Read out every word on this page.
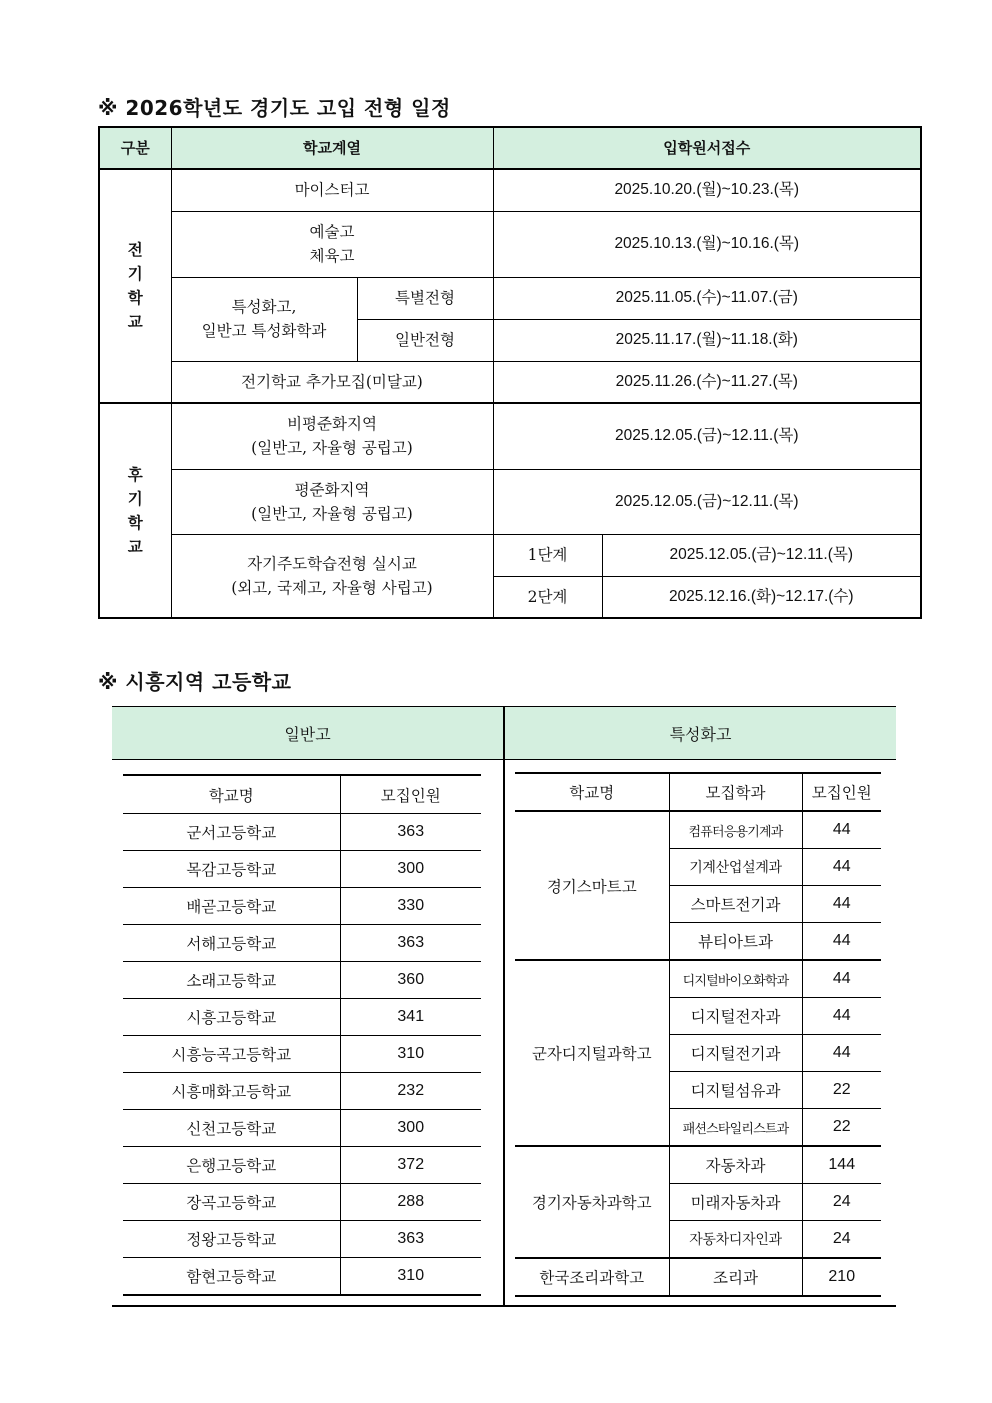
※ 2026학년도 경기도 고입 전형 일정
구분	학교계열		입학원서접수	

전기학교	마이스터고		2025.10.20.(월)~10.23.(목)	
	예술고
체육고		2025.10.13.(월)~10.16.(목)	
	특성화고,
일반고 특성화학과	특별전형	2025.11.05.(수)~11.07.(금)	
		일반전형	2025.11.17.(월)~11.18.(화)	
	전기학교 추가모집(미달교)		2025.11.26.(수)~11.27.(목)	

후기학교	비평준화지역
(일반고, 자율형 공립고)		2025.12.05.(금)~12.11.(목)	
	평준화지역
(일반고, 자율형 공립고)		2025.12.05.(금)~12.11.(목)	
	자기주도학습전형 실시교
(외고, 국제고, 자율형 사립고)		1단계	2025.12.05.(금)~12.11.(목)
			2단계	2025.12.16.(화)~12.17.(수)
※ 시흥지역 고등학교
일반고	특성화고
학교명	모집인원
군서고등학교	363
목감고등학교	300
배곧고등학교	330
서해고등학교	363
소래고등학교	360
시흥고등학교	341
시흥능곡고등학교	310
시흥매화고등학교	232
신천고등학교	300
은행고등학교	372
장곡고등학교	288
정왕고등학교	363
함현고등학교	310
학교명	모집학과	모집인원
경기스마트고	컴퓨터응용기계과	44
	기계산업설계과	44
	스마트전기과	44
	뷰티아트과	44
군자디지털과학고	디지털바이오화학과	44
	디지털전자과	44
	디지털전기과	44
	디지털섬유과	22
	패션스타일리스트과	22
경기자동차과학고	자동차과	144
	미래자동차과	24
	자동차디자인과	24
한국조리과학고	조리과	210
